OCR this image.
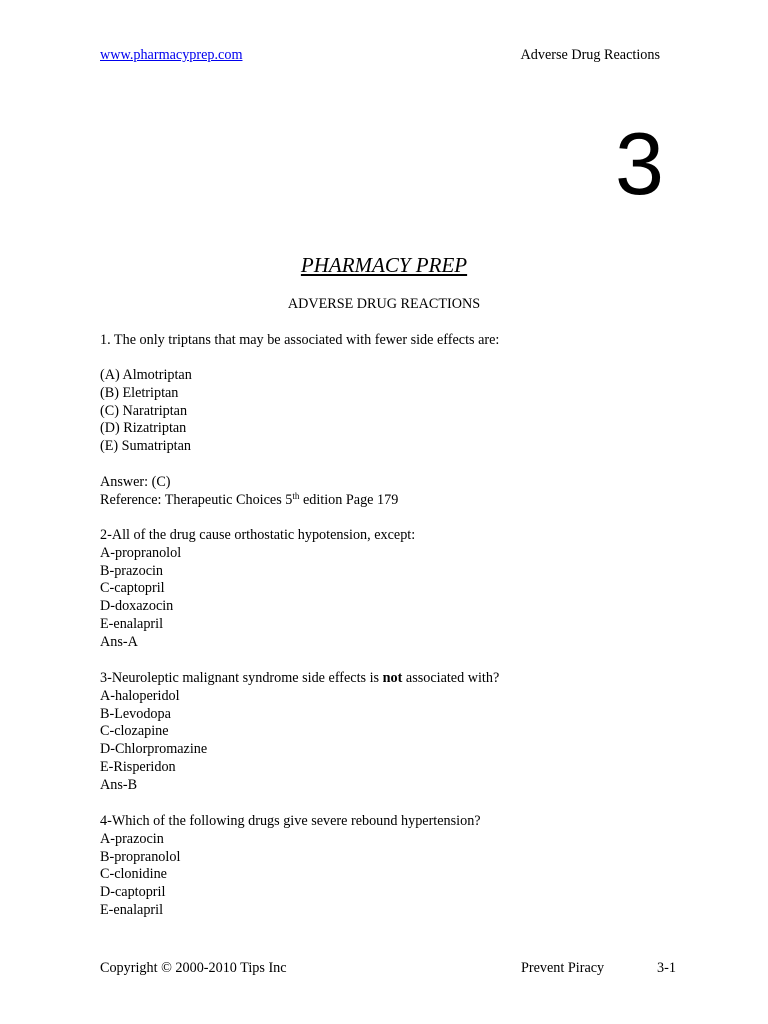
www.pharmacyprep.com	Adverse Drug Reactions
3
PHARMACY PREP
ADVERSE DRUG REACTIONS
1. The only triptans that may be associated with fewer side effects are:
(A) Almotriptan
(B) Eletriptan
(C) Naratriptan
(D) Rizatriptan
(E) Sumatriptan
Answer: (C)
Reference: Therapeutic Choices 5th edition Page 179
2-All of the drug cause orthostatic hypotension, except:
A-propranolol
B-prazocin
C-captopril
D-doxazocin
E-enalapril
Ans-A
3-Neuroleptic malignant syndrome side effects is not associated with?
A-haloperidol
B-Levodopa
C-clozapine
D-Chlorpromazine
E-Risperidon
Ans-B
4-Which of the following drugs give severe rebound hypertension?
A-prazocin
B-propranolol
C-clonidine
D-captopril
E-enalapril
Copyright © 2000-2010 Tips Inc	Prevent Piracy	3-1
